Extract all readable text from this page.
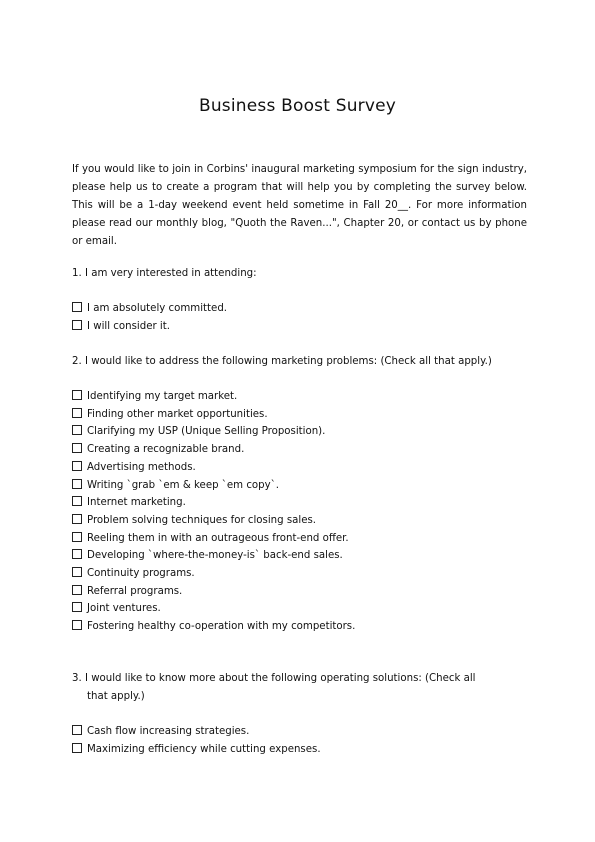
Business Boost Survey
If you would like to join in Corbins' inaugural marketing symposium for the sign industry, please help us to create a program that will help you by completing the survey below. This will be a 1-day weekend event held sometime in Fall 20__. For more information please read our monthly blog, "Quoth the Raven...", Chapter 20, or contact us by phone or email.
1. I am very interested in attending:
I am absolutely committed.
I will consider it.
2. I would like to address the following marketing problems: (Check all that apply.)
Identifying my target market.
Finding other market opportunities.
Clarifying my USP (Unique Selling Proposition).
Creating a recognizable brand.
Advertising methods.
Writing `grab `em & keep `em copy`.
Internet marketing.
Problem solving techniques for closing sales.
Reeling them in with an outrageous front-end offer.
Developing `where-the-money-is` back-end sales.
Continuity programs.
Referral programs.
Joint ventures.
Fostering healthy co-operation with my competitors.
3. I would like to know more about the following operating solutions: (Check all
that apply.)
Cash flow increasing strategies.
Maximizing efficiency while cutting expenses.
